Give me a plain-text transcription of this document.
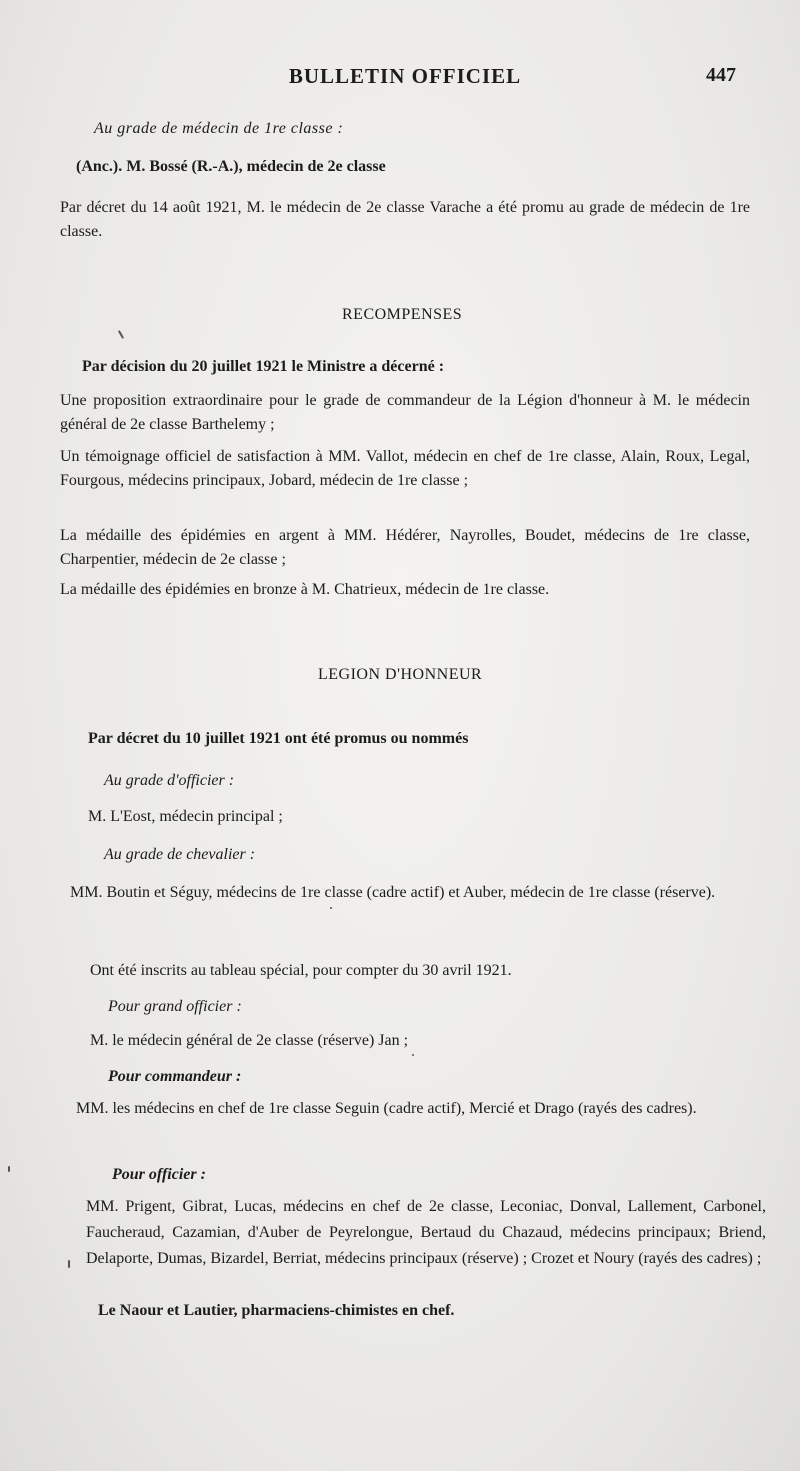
BULLETIN OFFICIEL	447
Au grade de médecin de 1re classe :
(Anc.). M. Bossé (R.-A.), médecin de 2e classe
Par décret du 14 août 1921, M. le médecin de 2e classe Varache a été promu au grade de médecin de 1re classe.
RECOMPENSES
Par décision du 20 juillet 1921 le Ministre a décerné :
Une proposition extraordinaire pour le grade de commandeur de la Légion d'honneur à M. le médecin général de 2e classe Barthelemy ;
Un témoignage officiel de satisfaction à MM. Vallot, médecin en chef de 1re classe, Alain, Roux, Legal, Fourgous, médecins principaux, Jobard, médecin de 1re classe ;
La médaille des épidémies en argent à MM. Hédérer, Nayrolles, Boudet, médecins de 1re classe, Charpentier, médecin de 2e classe ;
La médaille des épidémies en bronze à M. Chatrieux, médecin de 1re classe.
LEGION D'HONNEUR
Par décret du 10 juillet 1921 ont été promus ou nommés
Au grade d'officier :
M. L'Eost, médecin principal ;
Au grade de chevalier :
MM. Boutin et Séguy, médecins de 1re classe (cadre actif) et Auber, médecin de 1re classe (réserve).
Ont été inscrits au tableau spécial, pour compter du 30 avril 1921.
Pour grand officier :
M. le médecin général de 2e classe (réserve) Jan ;
Pour commandeur :
MM. les médecins en chef de 1re classe Seguin (cadre actif), Mercié et Drago (rayés des cadres).
Pour officier :
MM. Prigent, Gibrat, Lucas, médecins en chef de 2e classe, Leconiac, Donval, Lallement, Carbonel, Faucheraud, Cazamian, d'Auber de Peyrelongue, Bertaud du Chazaud, médecins principaux; Briend, Delaporte, Dumas, Bizardel, Berriat, médecins principaux (réserve) ; Crozet et Noury (rayés des cadres) ;
Le Naour et Lautier, pharmaciens-chimistes en chef.
